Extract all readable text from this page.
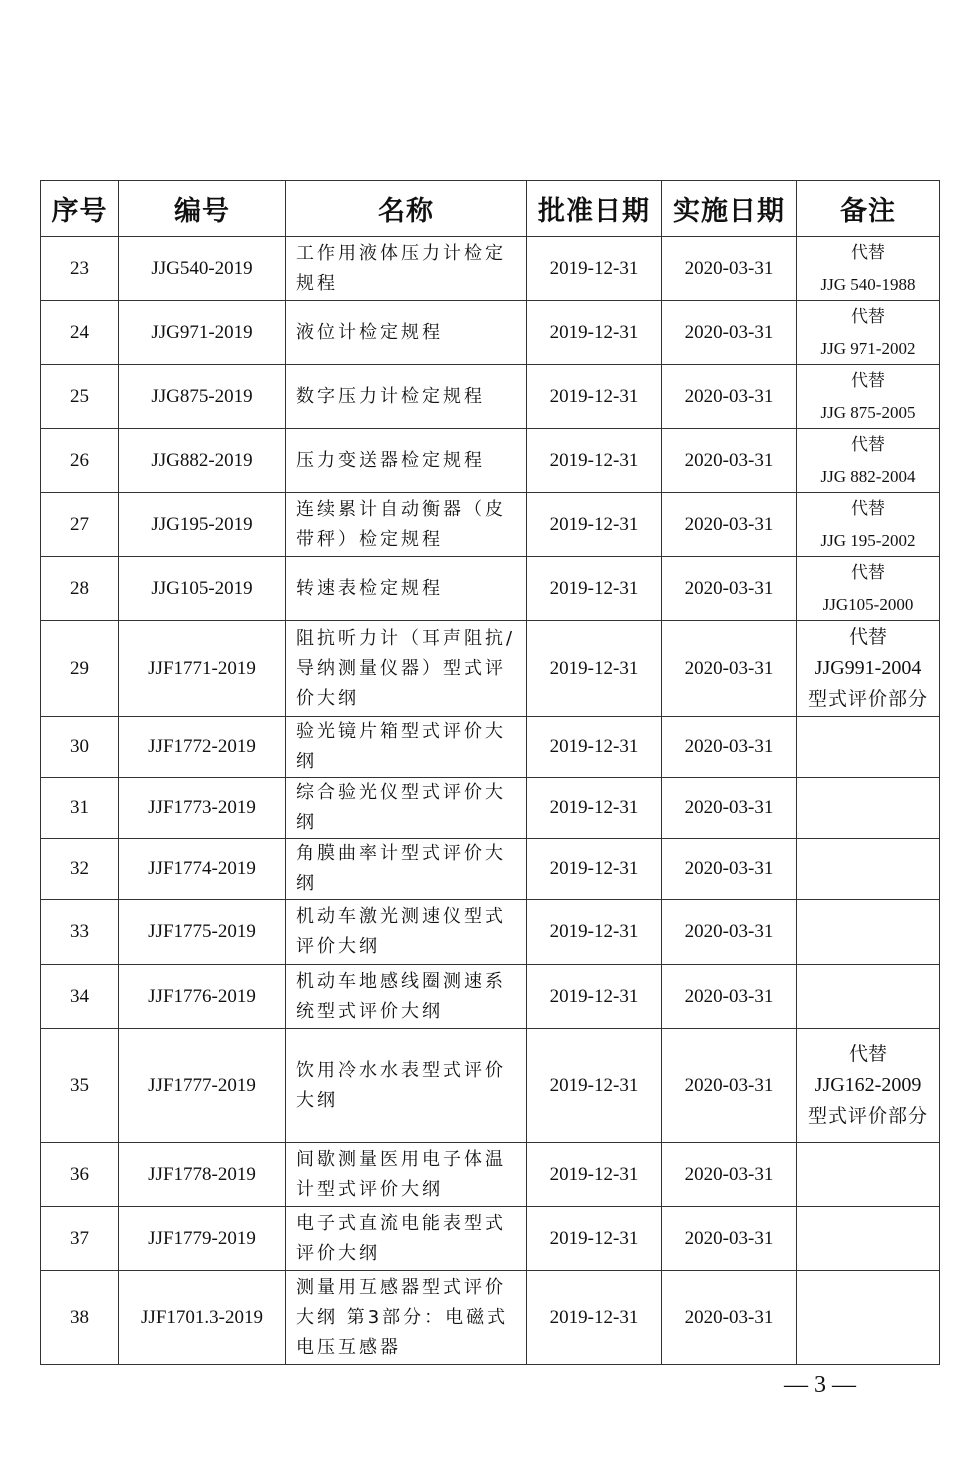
序号	编号	名称	批准日期	实施日期	备注
23	JJG540-2019	工作用液体压力计检定规程	2019-12-31	2020-03-31	代替
JJG 540-1988

24	JJG971-2019	液位计检定规程	2019-12-31	2020-03-31	代替
JJG 971-2002

25	JJG875-2019	数字压力计检定规程	2019-12-31	2020-03-31	代替
JJG 875-2005

26	JJG882-2019	压力变送器检定规程	2019-12-31	2020-03-31	代替
JJG 882-2004

27	JJG195-2019	连续累计自动衡器（皮带秤）检定规程	2019-12-31	2020-03-31	代替
JJG 195-2002

28	JJG105-2019	转速表检定规程	2019-12-31	2020-03-31	代替
JJG105-2000

29	JJF1771-2019	阻抗听力计（耳声阻抗/导纳测量仪器）型式评价大纲	2019-12-31	2020-03-31	代替
JJG991-2004
型式评价部分

30	JJF1772-2019	验光镜片箱型式评价大纲	2019-12-31	2020-03-31	
31	JJF1773-2019	综合验光仪型式评价大纲	2019-12-31	2020-03-31	
32	JJF1774-2019	角膜曲率计型式评价大纲	2019-12-31	2020-03-31	
33	JJF1775-2019	机动车激光测速仪型式评价大纲	2019-12-31	2020-03-31	
34	JJF1776-2019	机动车地感线圈测速系统型式评价大纲	2019-12-31	2020-03-31	
35	JJF1777-2019	饮用冷水水表型式评价大纲	2019-12-31	2020-03-31	代替
JJG162-2009
型式评价部分

36	JJF1778-2019	间歇测量医用电子体温计型式评价大纲	2019-12-31	2020-03-31	
37	JJF1779-2019	电子式直流电能表型式评价大纲	2019-12-31	2020-03-31	
38	JJF1701.3-2019	测量用互感器型式评价大纲 第3部分：电磁式电压互感器	2019-12-31	2020-03-31	
— 3 —
